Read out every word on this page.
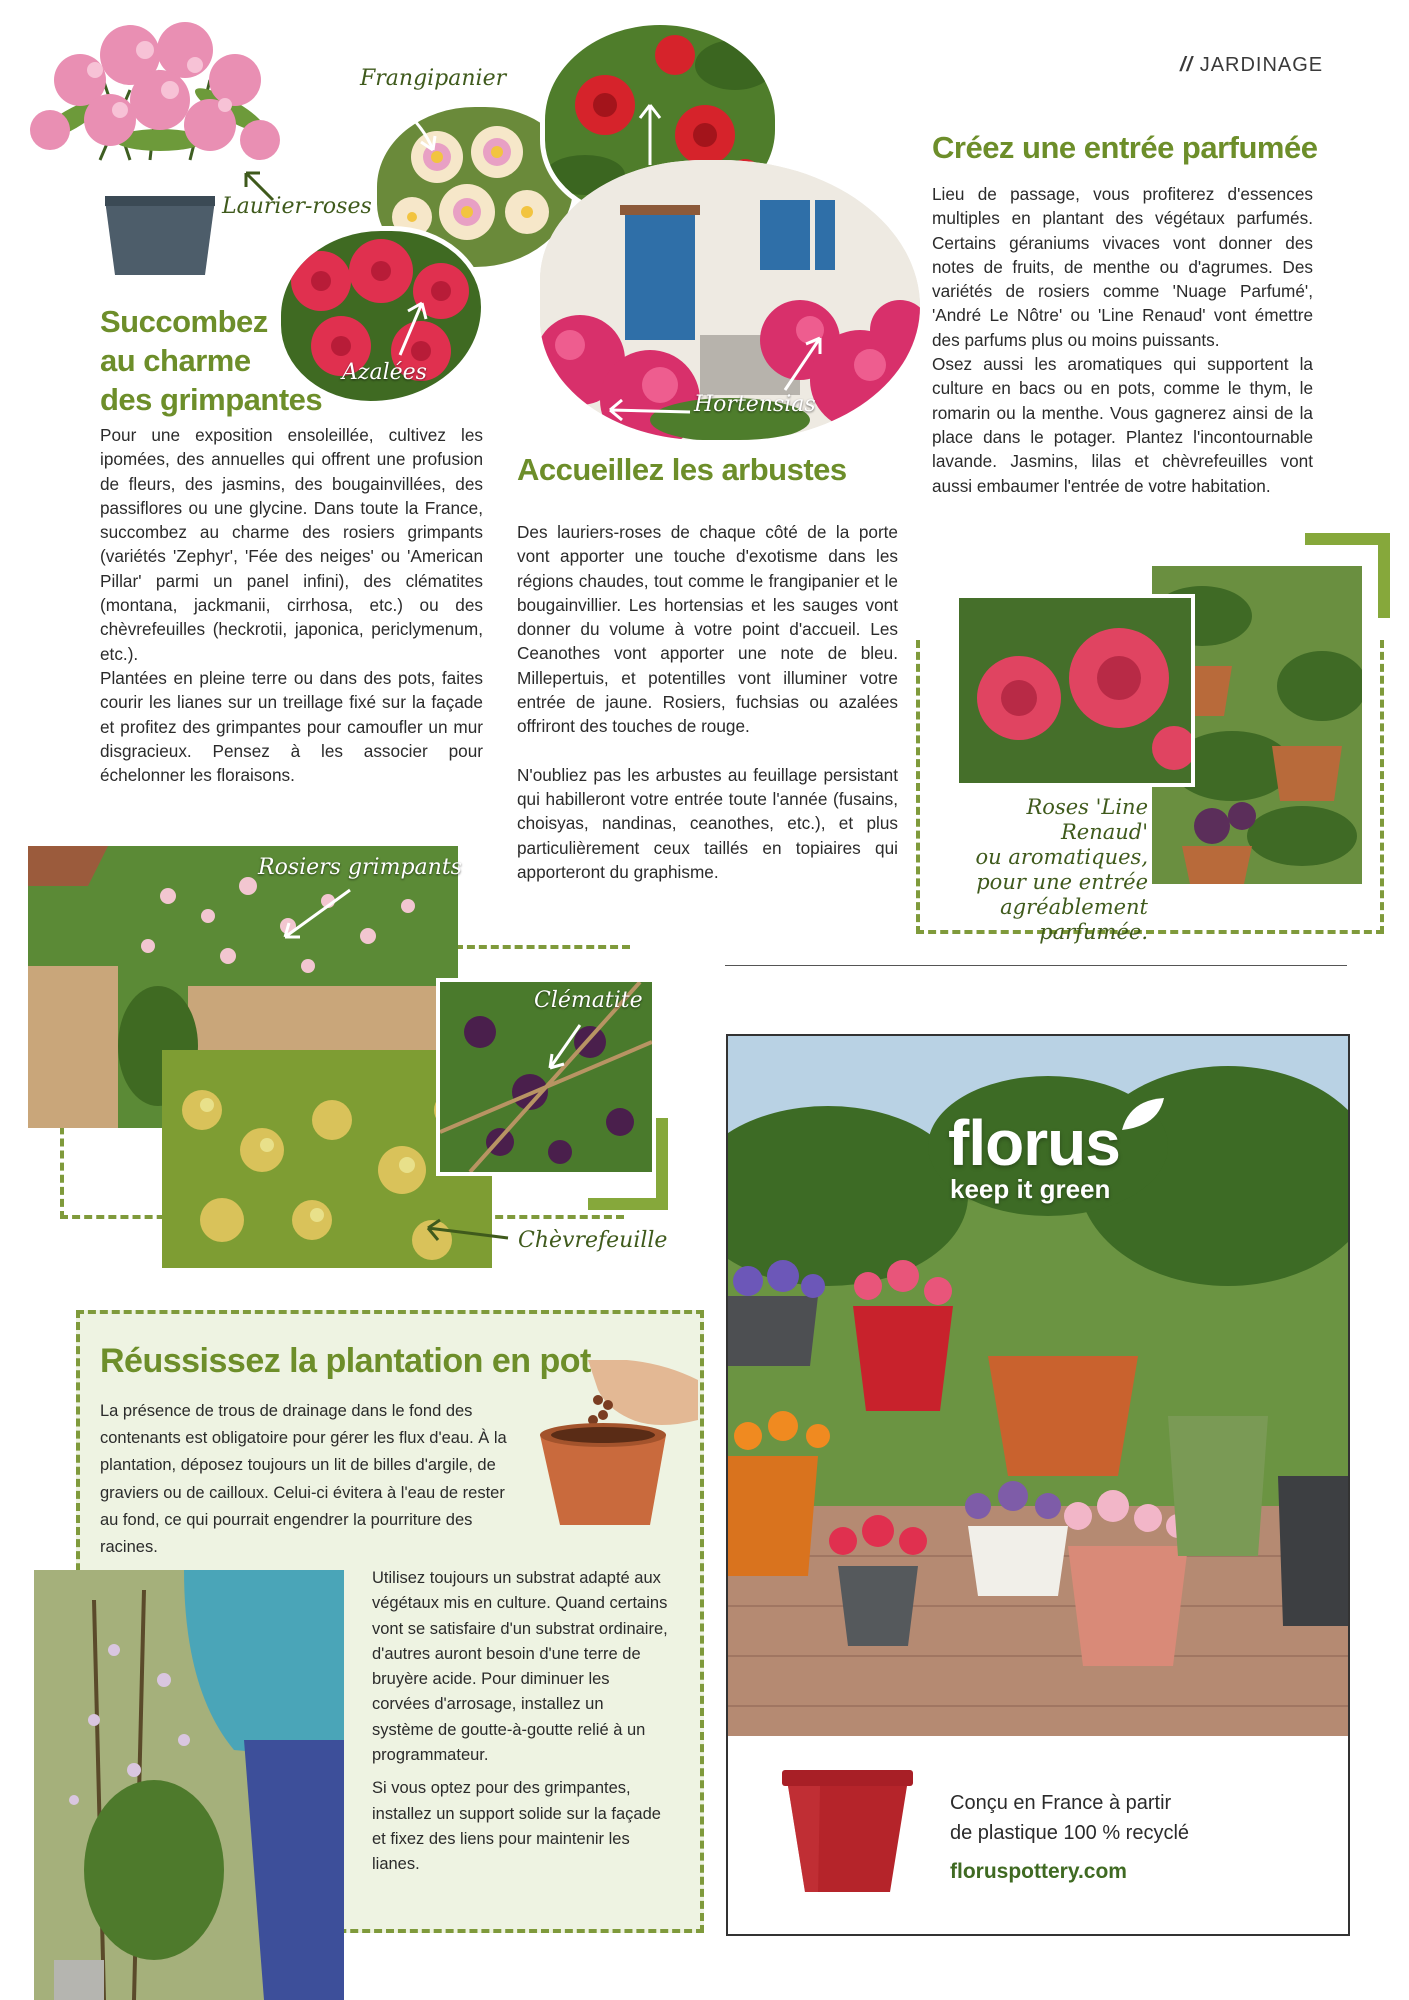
// JARDINAGE
Laurier-roses
Frangipanier
Hortensias
Azalées
Succombez
au charme
des grimpantes

Pour une exposition ensoleillée, cultivez les ipomées, des annuelles qui offrent une profusion de fleurs, des jasmins, des bougainvillées, des passiflores ou une glycine. Dans toute la France, succombez au charme des rosiers grimpants (variétés 'Zephyr', 'Fée des neiges' ou 'American Pillar' parmi un panel infini), des clématites (montana, jackmanii, cirrhosa, etc.) ou des chèvrefeuilles (heckrotii, japonica, periclymenum, etc.).

Plantées en pleine terre ou dans des pots, faites courir les lianes sur un treillage fixé sur la façade et profitez des grimpantes pour camoufler un mur disgracieux. Pensez à les associer pour échelonner les floraisons.

Accueillez les arbustes

Des lauriers-roses de chaque côté de la porte vont apporter une touche d'exotisme dans les régions chaudes, tout comme le frangipanier et le bougainvillier. Les hortensias et les sauges vont donner du volume à votre point d'accueil. Les Ceanothes vont apporter une note de bleu. Millepertuis, et potentilles vont illuminer votre entrée de jaune. Rosiers, fuchsias ou azalées offriront des touches de rouge.

N'oubliez pas les arbustes au feuillage persistant qui habilleront votre entrée toute l'année (fusains, choisyas, nandinas, ceanothes, etc.), et plus particulièrement ceux taillés en topiaires qui apporteront du graphisme.

Créez une entrée parfumée

Lieu de passage, vous profiterez d'essences multiples en plantant des végétaux parfumés. Certains géraniums vivaces vont donner des notes de fruits, de menthe ou d'agrumes. Des variétés de rosiers comme 'Nuage Parfumé', 'André Le Nôtre' ou 'Line Renaud' vont émettre des parfums plus ou moins puissants.

Osez aussi les aromatiques qui supportent la culture en bacs ou en pots, comme le thym, le romarin ou la menthe. Vous gagnerez ainsi de la place dans le potager. Plantez l'incontournable lavande. Jasmins, lilas et chèvrefeuilles vont aussi embaumer l'entrée de votre habitation.

Roses 'Line Renaud'
ou aromatiques,
pour une entrée
agréablement
parfumée.
Rosiers grimpants
Clématite
Chèvrefeuille
Réussissez la plantation en pot
La présence de trous de drainage dans le fond des contenants est obligatoire pour gérer les flux d'eau. À la plantation, déposez toujours un lit de billes d'argile, de graviers ou de cailloux. Celui-ci évitera à l'eau de rester au fond, ce qui pourrait engendrer la pourriture des racines.

Utilisez toujours un substrat adapté aux végétaux mis en culture. Quand certains vont se satisfaire d'un substrat ordinaire, d'autres auront besoin d'une terre de bruyère acide. Pour diminuer les corvées d'arrosage, installez un système de goutte-à-goutte relié à un programmateur.

Si vous optez pour des grimpantes, installez un support solide sur la façade et fixez des liens pour maintenir les lianes.

florus
keep it green
Conçu en France à partir
de plastique 100 % recyclé
floruspottery.com
